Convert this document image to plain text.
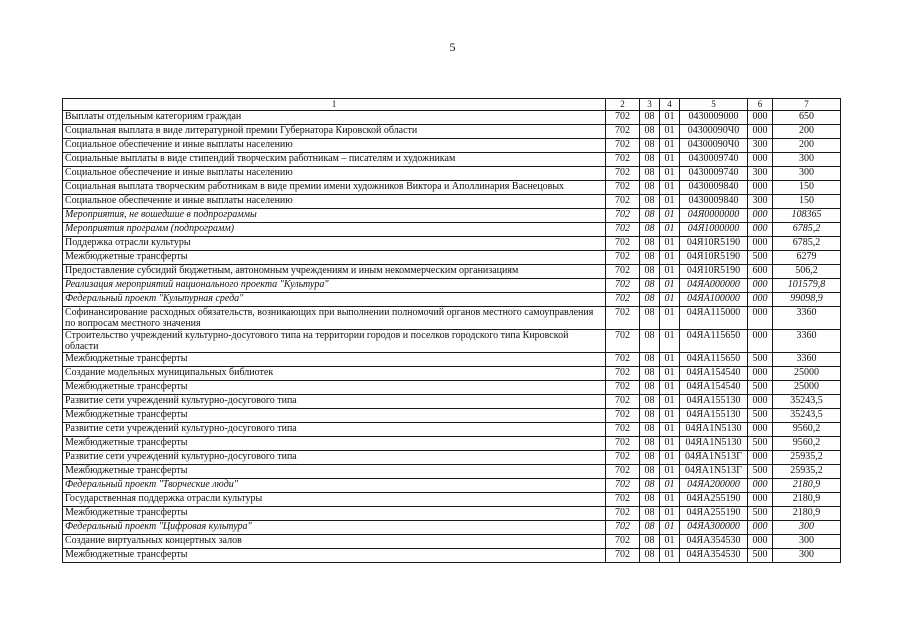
5
1	2	3	4	5	6	7
Выплаты отдельным категориям граждан	702	08	01	0430009000	000	650
Социальная выплата в виде литературной премии Губернатора Кировской области	702	08	01	04300090Ч0	000	200
Социальное обеспечение и иные выплаты населению	702	08	01	04300090Ч0	300	200
Социальные выплаты в виде стипендий творческим работникам – писателям и художникам	702	08	01	0430009740	000	300
Социальное обеспечение и иные выплаты населению	702	08	01	0430009740	300	300
Социальная выплата творческим работникам в виде премии имени художников Виктора и Аполлинария Васнецовых	702	08	01	0430009840	000	150
Социальное обеспечение и иные выплаты населению	702	08	01	0430009840	300	150
Мероприятия, не вошедшие в подпрограммы	702	08	01	04Я0000000	000	108365
Мероприятия программ (подпрограмм)	702	08	01	04Я1000000	000	6785,2
Поддержка отрасли культуры	702	08	01	04Я10R5190	000	6785,2
Межбюджетные трансферты	702	08	01	04Я10R5190	500	6279
Предоставление субсидий бюджетным, автономным учреждениям и иным некоммерческим организациям	702	08	01	04Я10R5190	600	506,2
Реализация мероприятий национального проекта "Культура"	702	08	01	04ЯA000000	000	101579,8
Федеральный проект "Культурная среда"	702	08	01	04ЯA100000	000	99098,9
Софинансирование расходных обязательств, возникающих при выполнении полномочий органов местного самоуправления по вопросам местного значения	702	08	01	04ЯA115000	000	3360
Строительство учреждений культурно-досугового типа на территории городов и поселков городского типа Кировской области	702	08	01	04ЯA115650	000	3360
Межбюджетные трансферты	702	08	01	04ЯA115650	500	3360
Создание модельных муниципальных библиотек	702	08	01	04ЯA154540	000	25000
Межбюджетные трансферты	702	08	01	04ЯA154540	500	25000
Развитие сети учреждений культурно-досугового типа	702	08	01	04ЯA155130	000	35243,5
Межбюджетные трансферты	702	08	01	04ЯA155130	500	35243,5
Развитие сети учреждений культурно-досугового типа	702	08	01	04ЯA1N5130	000	9560,2
Межбюджетные трансферты	702	08	01	04ЯA1N5130	500	9560,2
Развитие сети учреждений культурно-досугового типа	702	08	01	04ЯA1N513Г	000	25935,2
Межбюджетные трансферты	702	08	01	04ЯA1N513Г	500	25935,2
Федеральный проект "Творческие люди"	702	08	01	04ЯA200000	000	2180,9
Государственная поддержка отрасли культуры	702	08	01	04ЯA255190	000	2180,9
Межбюджетные трансферты	702	08	01	04ЯA255190	500	2180,9
Федеральный проект "Цифровая культура"	702	08	01	04ЯA300000	000	300
Создание виртуальных концертных залов	702	08	01	04ЯA354530	000	300
Межбюджетные трансферты	702	08	01	04ЯA354530	500	300
